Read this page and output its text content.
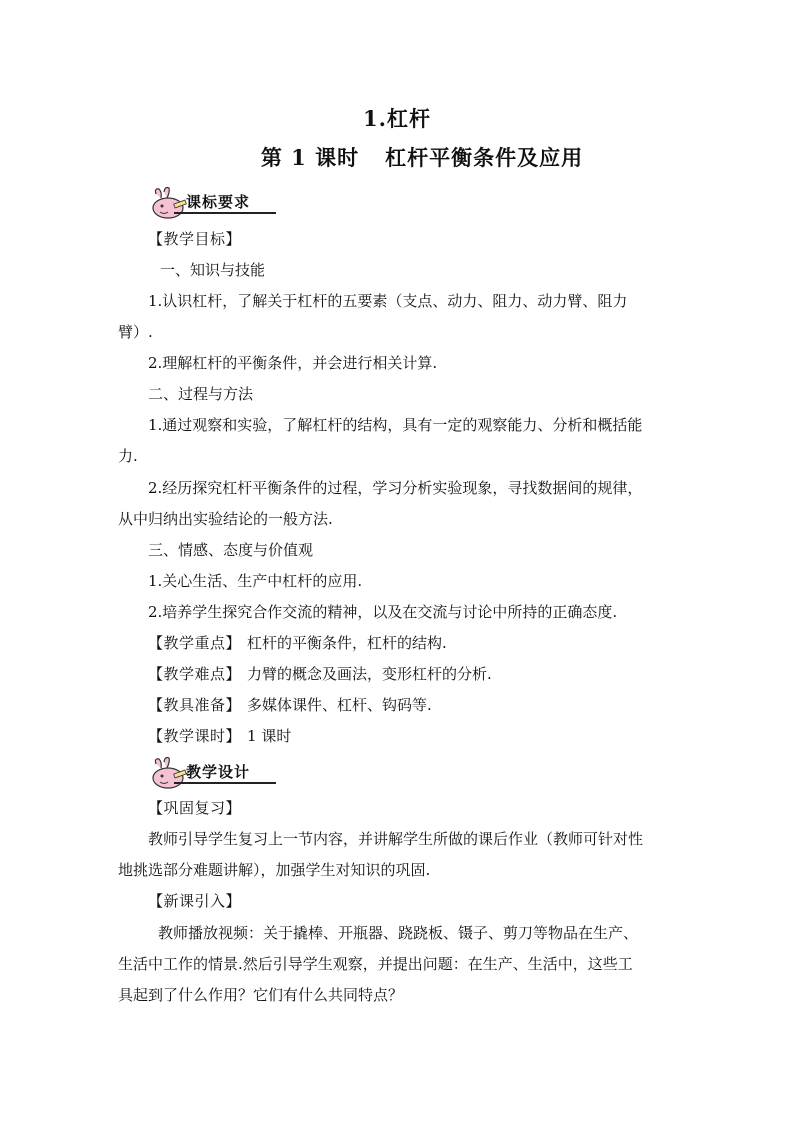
1.杠杆
第 1 课时 杠杆平衡条件及应用
课标要求
【教学目标】
一、知识与技能
1.认识杠杆，了解关于杠杆的五要素（支点、动力、阻力、动力臂、阻力
臂）.
2.理解杠杆的平衡条件，并会进行相关计算.
二、过程与方法
1.通过观察和实验，了解杠杆的结构，具有一定的观察能力、分析和概括能
力.
2.经历探究杠杆平衡条件的过程，学习分析实验现象，寻找数据间的规律，
从中归纳出实验结论的一般方法.
三、情感、态度与价值观
1.关心生活、生产中杠杆的应用.
2.培养学生探究合作交流的精神，以及在交流与讨论中所持的正确态度.
【教学重点】 杠杆的平衡条件，杠杆的结构.
【教学难点】 力臂的概念及画法，变形杠杆的分析.
【教具准备】 多媒体课件、杠杆、钩码等.
【教学课时】 1 课时
教学设计
【巩固复习】
教师引导学生复习上一节内容，并讲解学生所做的课后作业（教师可针对性
地挑选部分难题讲解），加强学生对知识的巩固.
【新课引入】
教师播放视频：关于撬棒、开瓶器、跷跷板、镊子、剪刀等物品在生产、
生活中工作的情景.然后引导学生观察，并提出问题：在生产、生活中，这些工
具起到了什么作用？它们有什么共同特点？
